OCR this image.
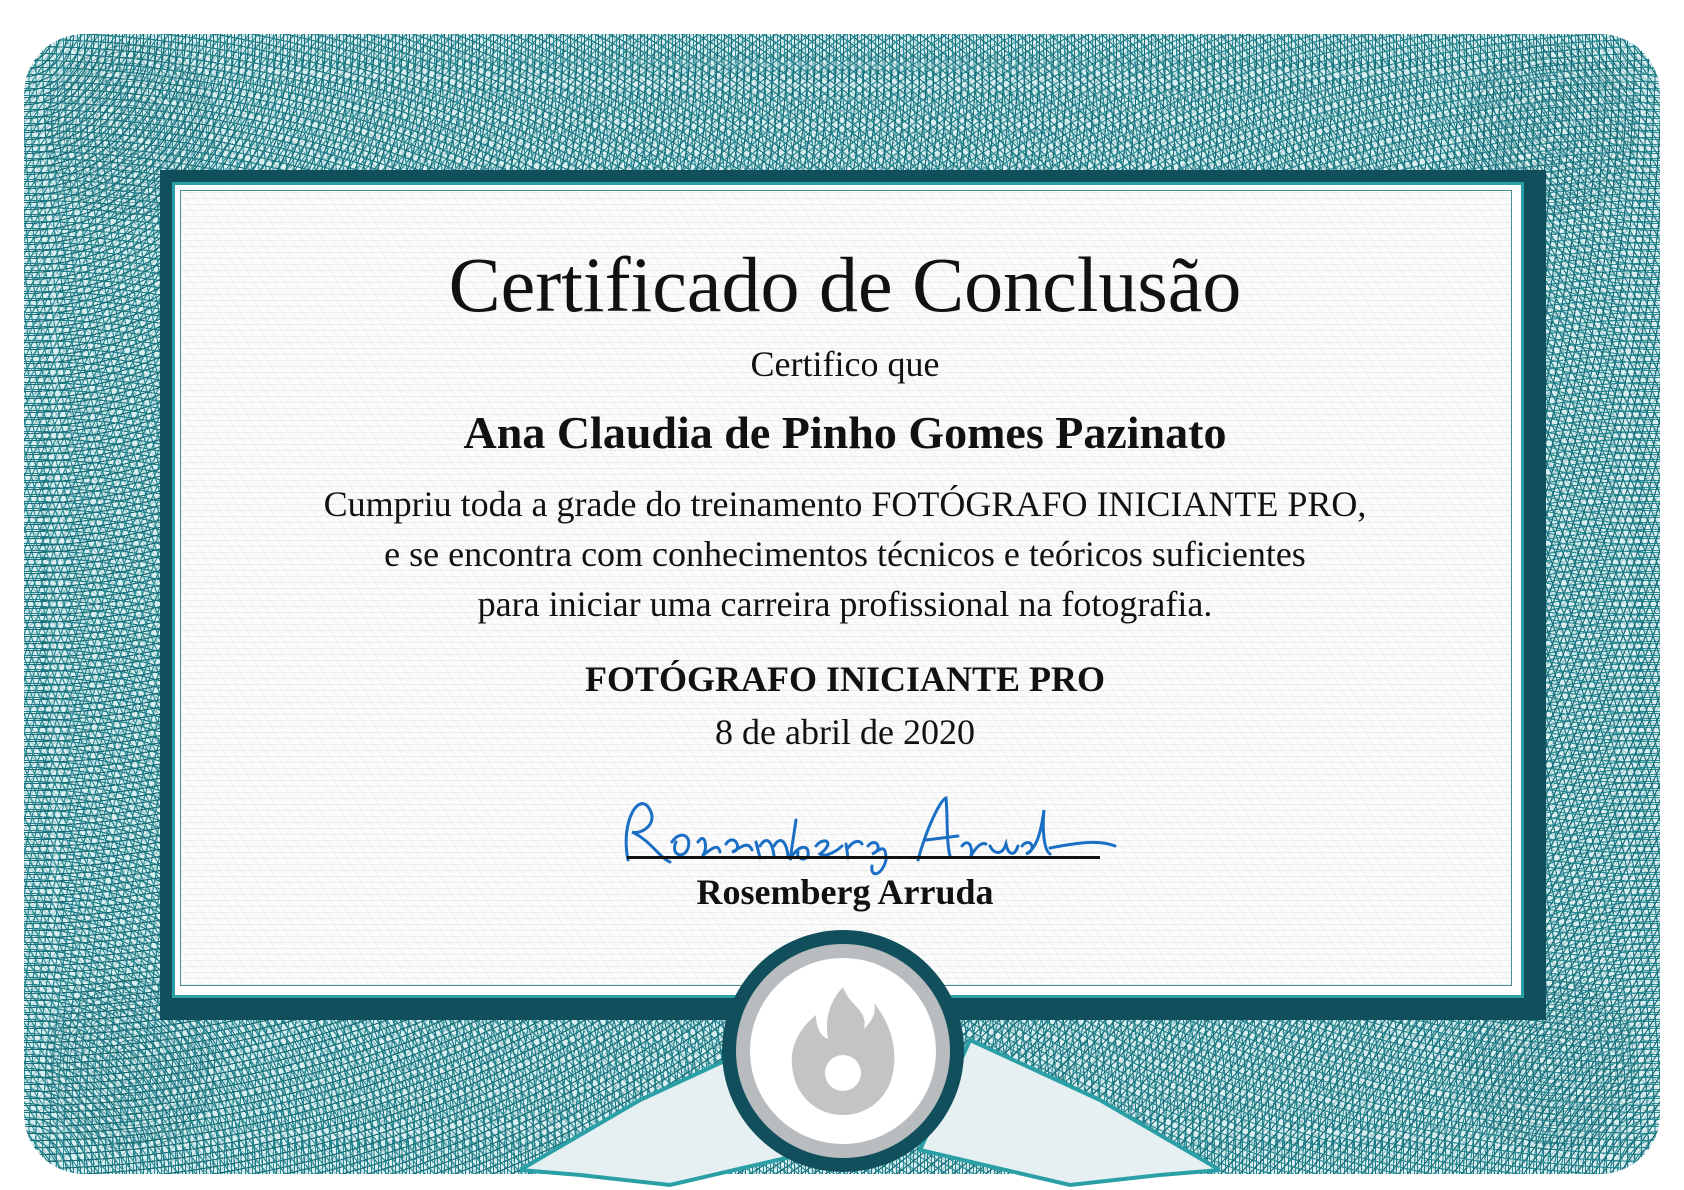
Certificado de Conclusão

Certifico que

Ana Claudia de Pinho Gomes Pazinato

Cumpriu toda a grade do treinamento FOTÓGRAFO INICIANTE PRO,

e se encontra com conhecimentos técnicos e teóricos suficientes

para iniciar uma carreira profissional na fotografia.

FOTÓGRAFO INICIANTE PRO

8 de abril de 2020

Rosemberg Arruda
